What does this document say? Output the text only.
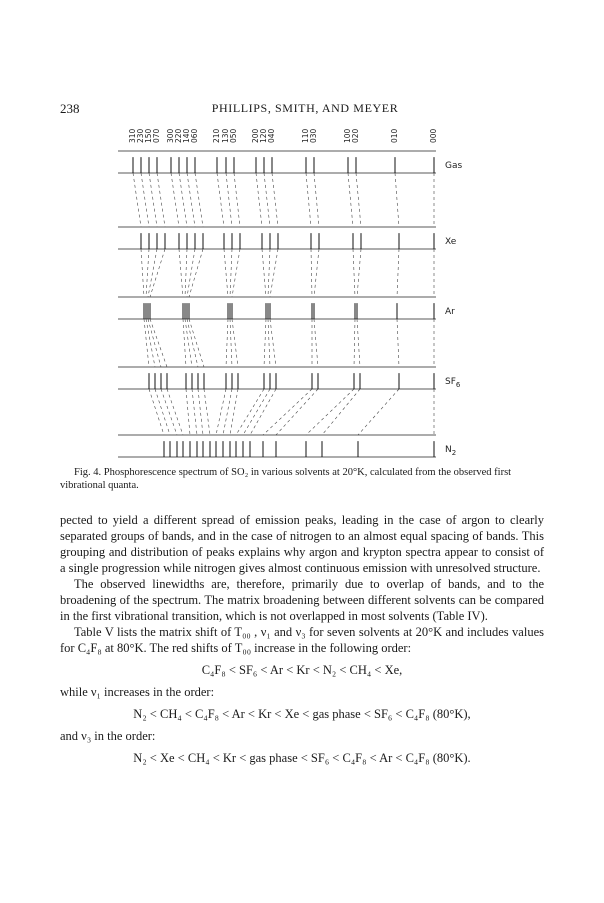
238	PHILLIPS, SMITH, AND MEYER
310 230 150 070 300 220 140 060 210 130 050 200 120 040	110 030	100 020	010	000
Gas
Xe
Ar
$SF_6$
$N_2$
Fig. 4. Phosphorescence spectrum of SO₂ in various solvents at 20°K, calculated from the observed first vibrational quanta.

pected to yield a different spread of emission peaks, leading in the case of argon to clearly separated groups of bands, and in the case of nitrogen to an almost equal spacing of bands. This grouping and distribution of peaks explains why argon and krypton spectra appear to consist of a single progression while nitrogen gives almost continuous emission with unresolved structure.

The observed linewidths are, therefore, primarily due to overlap of bands, and to the broadening of the spectrum. The matrix broadening between different solvents can be compared in the first vibrational transition, which is not overlapped in most solvents (Table IV).

Table V lists the matrix shift of T₀₀ , ν₁ and ν₃ for seven solvents at 20°K and includes values for C₄F₈ at 80°K. The red shifts of T₀₀ increase in the following order:

C₄F₈ < SF₆ < Ar < Kr < N₂ < CH₄ < Xe,

while ν₁ increases in the order:

N₂ < CH₄ < C₄F₈ < Ar < Kr < Xe < gas phase < SF₆ < C₄F₈ (80°K),

and ν₃ in the order:

N₂ < Xe < CH₄ < Kr < gas phase < SF₆ < C₄F₈ < Ar < C₄F₈ (80°K).
